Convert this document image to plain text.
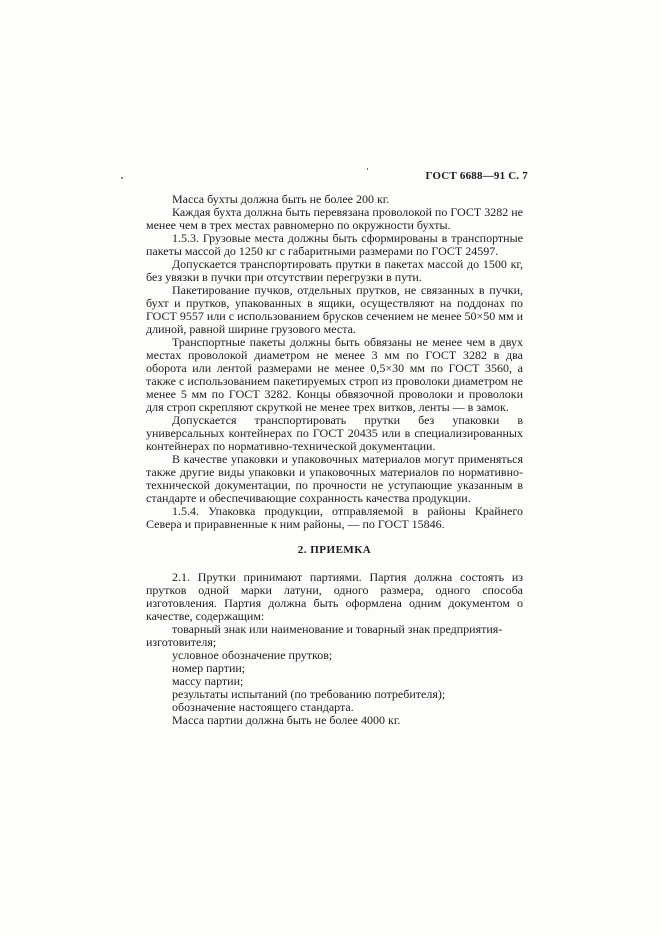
ГОСТ 6688—91 С. 7

Масса бухты должна быть не более 200 кг.

Каждая бухта должна быть перевязана проволокой по ГОСТ 3282 не менее чем в трех местах равномерно по окружности бухты.

1.5.3. Грузовые места должны быть сформированы в транспортные пакеты массой до 1250 кг с габаритными размерами по ГОСТ 24597.

Допускается транспортировать прутки в пакетах массой до 1500 кг, без увязки в пучки при отсутствии перегрузки в пути.

Пакетирование пучков, отдельных прутков, не связанных в пучки, бухт и прутков, упакованных в ящики, осуществляют на поддонах по ГОСТ 9557 или с использованием брусков сечением не менее 50×50 мм и длиной, равной ширине грузового места.

Транспортные пакеты должны быть обвязаны не менее чем в двух местах проволокой диаметром не менее 3 мм по ГОСТ 3282 в два оборота или лентой размерами не менее 0,5×30 мм по ГОСТ 3560, а также с использованием пакетируемых строп из проволоки диаметром не менее 5 мм по ГОСТ 3282. Концы обвязочной проволоки и проволоки для строп скрепляют скруткой не менее трех витков, ленты — в замок.

Допускается транспортировать прутки без упаковки в универсальных контейнерах по ГОСТ 20435 или в специализированных контейнерах по нормативно-технической документации.

В качестве упаковки и упаковочных материалов могут применяться также другие виды упаковки и упаковочных материалов по нормативно-технической документации, по прочности не уступающие указанным в стандарте и обеспечивающие сохранность качества продукции.

1.5.4. Упаковка продукции, отправляемой в районы Крайнего Севера и приравненные к ним районы, — по ГОСТ 15846.

2. ПРИЕМКА

2.1. Прутки принимают партиями. Партия должна состоять из прутков одной марки латуни, одного размера, одного способа изготовления. Партия должна быть оформлена одним документом о качестве, содержащим:

товарный знак или наименование и товарный знак предприятия-изготовителя;

условное обозначение прутков;

номер партии;

массу партии;

результаты испытаний (по требованию потребителя);

обозначение настоящего стандарта.

Масса партии должна быть не более 4000 кг.
